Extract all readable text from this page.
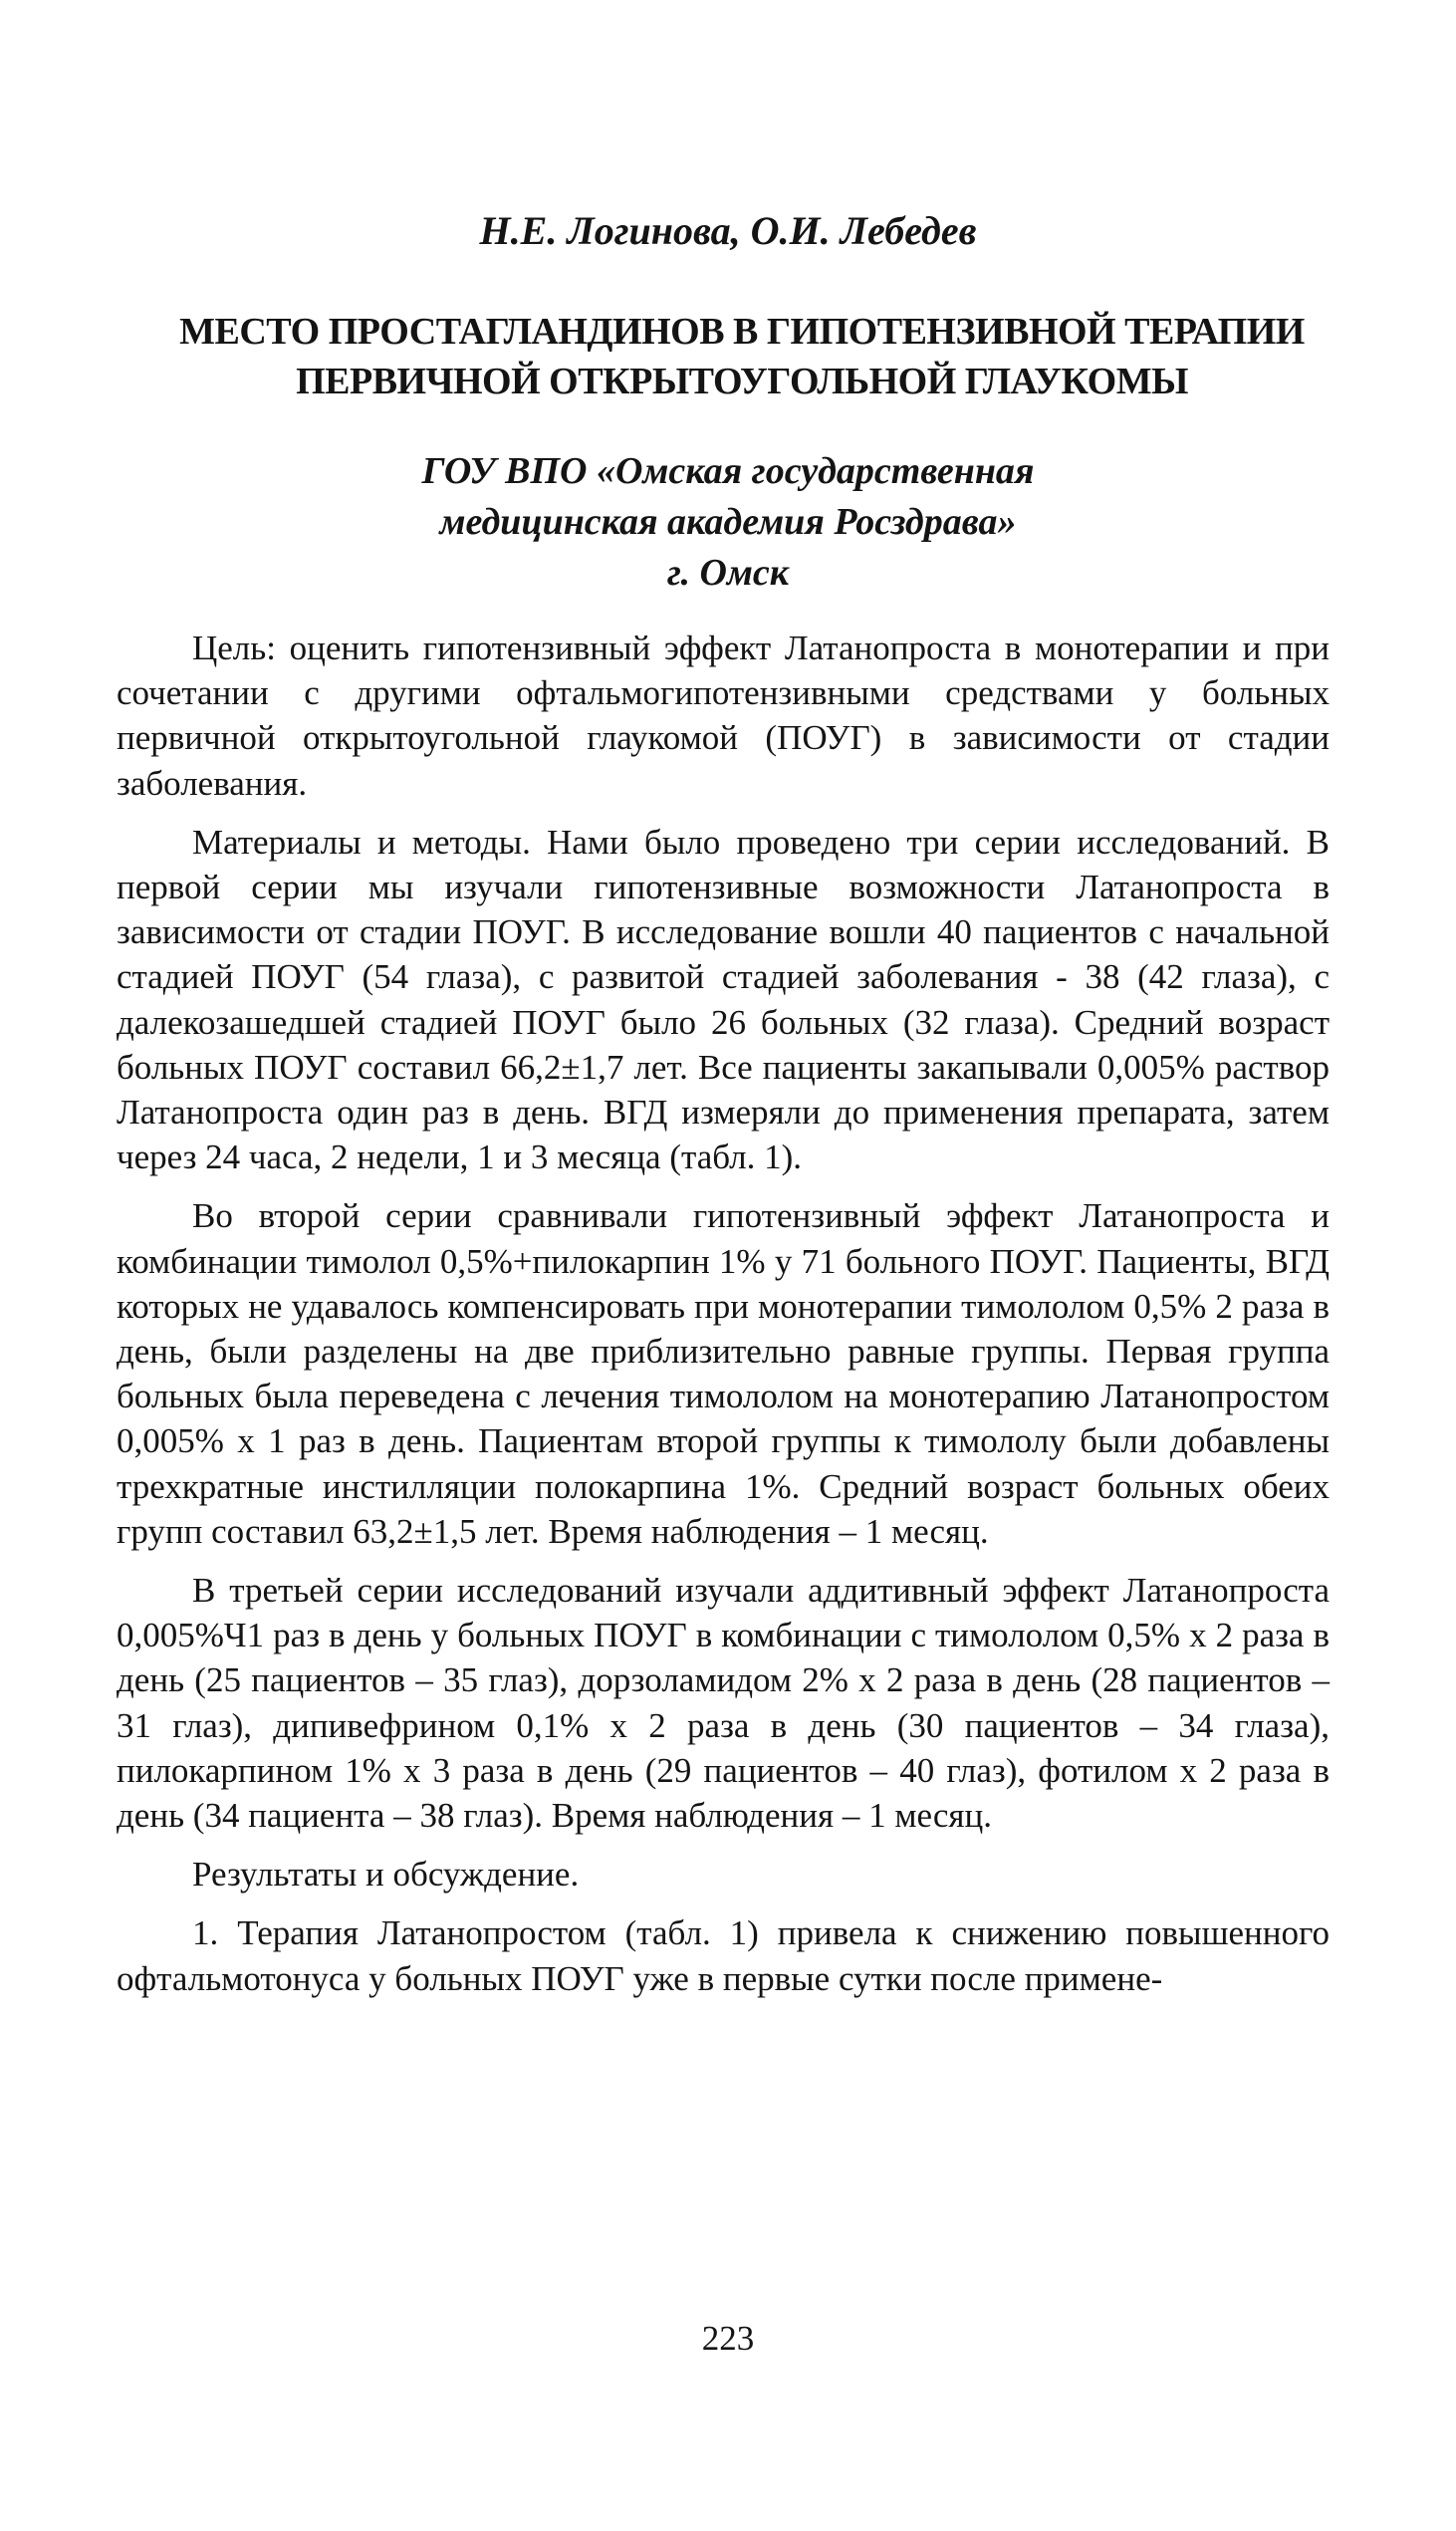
Н.Е. Логинова, О.И. Лебедев
МЕСТО ПРОСТАГЛАНДИНОВ В ГИПОТЕНЗИВНОЙ ТЕРАПИИ ПЕРВИЧНОЙ ОТКРЫТОУГОЛЬНОЙ ГЛАУКОМЫ
ГОУ ВПО «Омская государственная
медицинская академия Росздрава»
г. Омск

Цель: оценить гипотензивный эффект Латанопроста в монотерапии и при сочетании с другими офтальмогипотензивными средствами у больных первичной открытоугольной глаукомой (ПОУГ) в зависимости от стадии заболевания.

Материалы и методы. Нами было проведено три серии исследований. В первой серии мы изучали гипотензивные возможности Латанопроста в зависимости от стадии ПОУГ. В исследование вошли 40 пациентов с начальной стадией ПОУГ (54 глаза), с развитой стадией заболевания - 38 (42 глаза), с далекозашедшей стадией ПОУГ было 26 больных (32 глаза). Средний возраст больных ПОУГ составил 66,2±1,7 лет. Все пациенты закапывали 0,005% раствор Латанопроста один раз в день. ВГД измеряли до применения препарата, затем через 24 часа, 2 недели, 1 и 3 месяца (табл. 1).

Во второй серии сравнивали гипотензивный эффект Латанопроста и комбинации тимолол 0,5%+пилокарпин 1% у 71 больного ПОУГ. Пациенты, ВГД которых не удавалось компенсировать при монотерапии тимололом 0,5% 2 раза в день, были разделены на две приблизительно равные группы. Первая группа больных была переведена с лечения тимололом на монотерапию Латанопростом 0,005% х 1 раз в день. Пациентам второй группы к тимололу были добавлены трехкратные инстилляции полокарпина 1%. Средний возраст больных обеих групп составил 63,2±1,5 лет. Время наблюдения – 1 месяц.

В третьей серии исследований изучали аддитивный эффект Латанопроста 0,005%Ч1 раз в день у больных ПОУГ в комбинации с тимололом 0,5% х 2 раза в день (25 пациентов – 35 глаз), дорзоламидом 2% х 2 раза в день (28 пациентов – 31 глаз), дипивефрином 0,1% х 2 раза в день (30 пациентов – 34 глаза), пилокарпином 1% х 3 раза в день (29 пациентов – 40 глаз), фотилом х 2 раза в день (34 пациента – 38 глаз). Время наблюдения – 1 месяц.

Результаты и обсуждение.

1. Терапия Латанопростом (табл. 1) привела к снижению повышенного офтальмотонуса у больных ПОУГ уже в первые сутки после примене-

223
